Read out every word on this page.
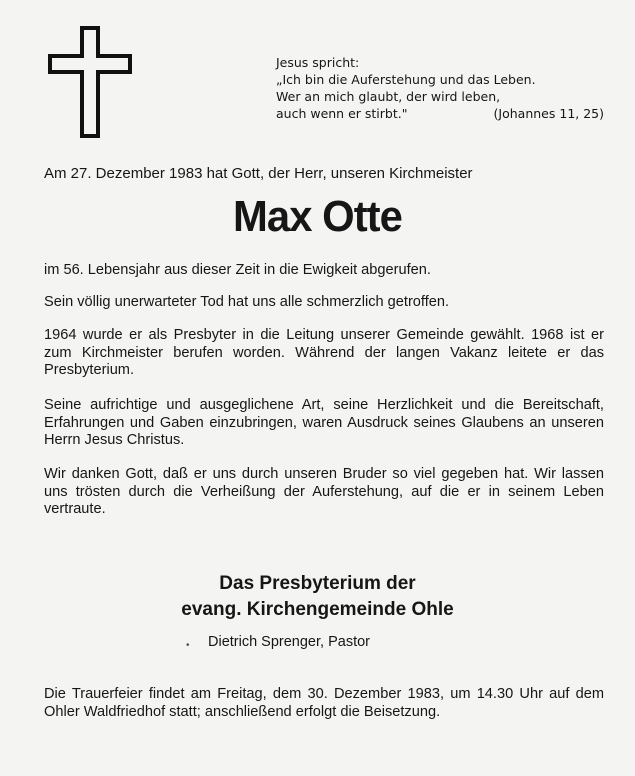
Jesus spricht:
„Ich bin die Auferstehung und das Leben.
Wer an mich glaubt, der wird leben,
auch wenn er stirbt."	(Johannes 11, 25)
Am 27. Dezember 1983 hat Gott, der Herr, unseren Kirchmeister
Max Otte
im 56. Lebensjahr aus dieser Zeit in die Ewigkeit abgerufen.
Sein völlig unerwarteter Tod hat uns alle schmerzlich getroffen.
1964 wurde er als Presbyter in die Leitung unserer Gemeinde gewählt. 1968 ist er zum Kirchmeister berufen worden. Während der langen Vakanz leitete er das Presbyterium.
Seine aufrichtige und ausgeglichene Art, seine Herzlichkeit und die Bereitschaft, Erfahrungen und Gaben einzubringen, waren Ausdruck seines Glaubens an unseren Herrn Jesus Christus.
Wir danken Gott, daß er uns durch unseren Bruder so viel gegeben hat. Wir lassen uns trösten durch die Verheißung der Auferstehung, auf die er in seinem Leben vertraute.
Das Presbyterium der
evang. Kirchengemeinde Ohle
• Dietrich Sprenger, Pastor
Die Trauerfeier findet am Freitag, dem 30. Dezember 1983, um 14.30 Uhr auf dem Ohler Waldfriedhof statt; anschließend erfolgt die Beisetzung.
